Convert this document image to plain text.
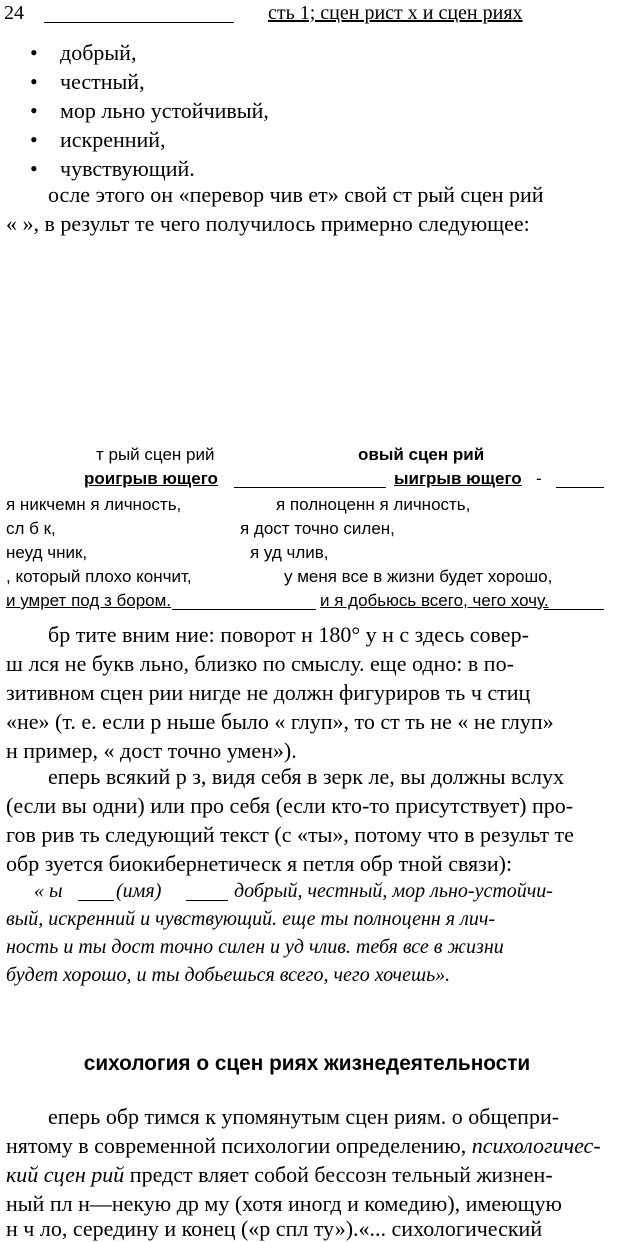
24	сть 1; сцен рист х и сцен риях
• добрый,
• честный,
• мор льно устойчивый,
• искренний,
• чувствующий.
осле этого он «перевор чив ет» свой ст рый сцен рий
« », в результ те чего получилось примерно следующее:
т рый сцен рий	овый сцен рий
роигрыв ющего	ыигрыв ющего -
я никчемн я личность,	я полноценн я личность,
сл б к,	я дост точно силен,
неуд чник,	я уд члив,
, который плохо кончит,	у меня все в жизни будет хорошо,
и умрет под з бором.	и я добьюсь всего, чего хочу.
бр тите вним ние: поворот н 180° у н с здесь совер-
ш лся не букв льно, близко по смыслу. еще одно: в по-
зитивном сцен рии нигде не должн фигуриров ть ч стиц
«не» (т. е. если р ньше было « глуп», то ст ть не « не глуп»
н пример, « дост точно умен»).
еперь всякий р з, видя себя в зерк ле, вы должны вслух
(если вы одни) или про себя (если кто-то присутствует) про-
гов рив ть следующий текст (с «ты», потому что в результ те
обр зуется биокибернетическ я петля обр тной связи):
« ы	(имя)	добрый, честный, мор льно-устойчи-
вый, искренний и чувствующий. еще ты полноценн я лич-
ность и ты дост точно силен и уд члив. тебя все в жизни
будет хорошо, и ты добьешься всего, чего хочешь».
сихология о сцен риях жизнедеятельности
еперь обр тимся к упомянутым сцен риям. о общепри-
нятому в современной психологии определению, психологичес-
кий сцен рий предст вляет собой бессозн тельный жизнен-
ный пл н—некую др му (хотя иногд и комедию), имеющую
н ч ло, середину и конец («р спл ту»).«... сихологический
